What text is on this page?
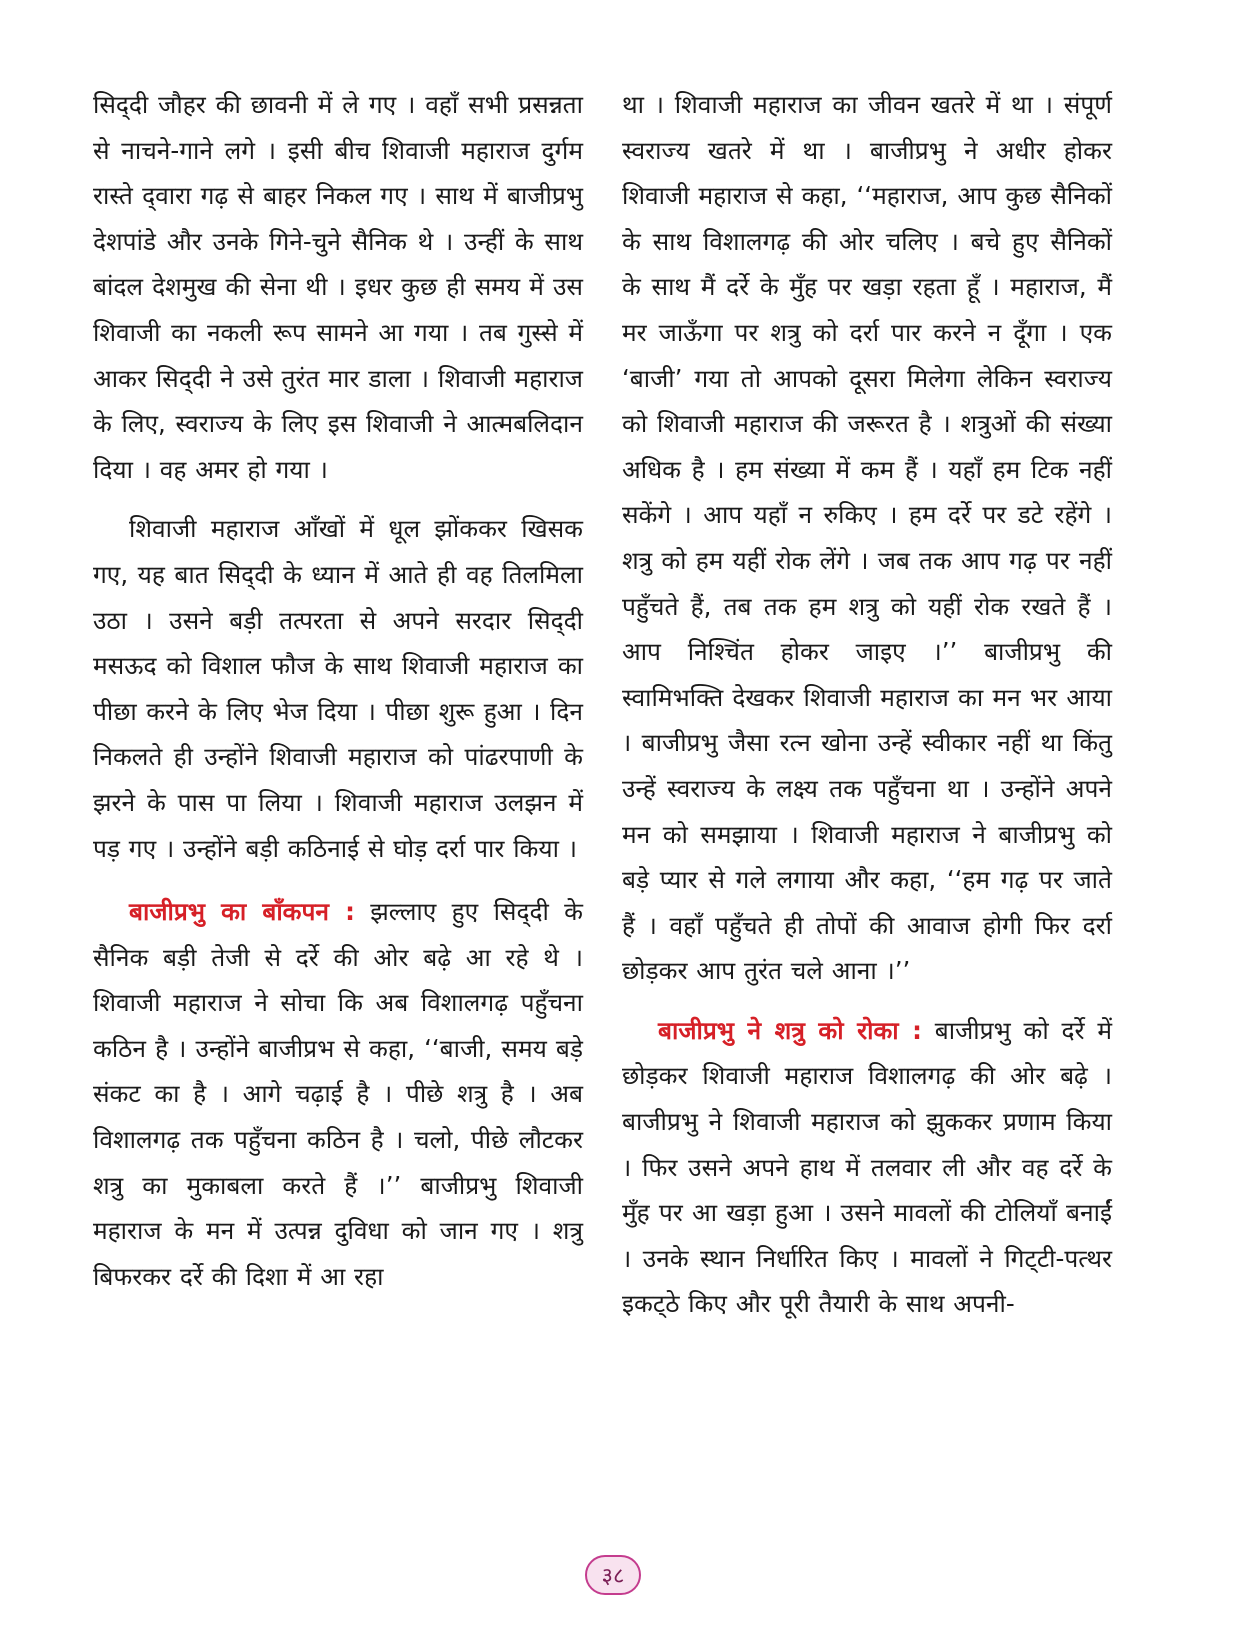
सिद्‌दी जौहर की छावनी में ले गए । वहाँ सभी प्रसन्नता से नाचने-गाने लगे । इसी बीच शिवाजी महाराज दुर्गम रास्ते द्‌वारा गढ़ से बाहर निकल गए । साथ में बाजीप्रभु देशपांडे और उनके गिने-चुने सैनिक थे । उन्हीं के साथ बांदल देशमुख की सेना थी । इधर कुछ ही समय में उस शिवाजी का नकली रूप सामने आ गया । तब गुस्से में आकर सिद्‌दी ने उसे तुरंत मार डाला । शिवाजी महाराज के लिए, स्वराज्य के लिए इस शिवाजी ने आत्मबलिदान दिया । वह अमर हो गया ।

शिवाजी महाराज आँखों में धूल झोंककर खिसक गए, यह बात सिद्‌दी के ध्यान में आते ही वह तिलमिला उठा । उसने बड़ी तत्परता से अपने सरदार सिद्‌दी मसऊद को विशाल फौज के साथ शिवाजी महाराज का पीछा करने के लिए भेज दिया । पीछा शुरू हुआ । दिन निकलते ही उन्होंने शिवाजी महाराज को पांढरपाणी के झरने के पास पा लिया । शिवाजी महाराज उलझन में पड़ गए । उन्होंने बड़ी कठिनाई से घोड़ दर्रा पार किया ।

बाजीप्रभु का बाँकपन : झल्लाए हुए सिद्‌दी के सैनिक बड़ी तेजी से दर्रे की ओर बढ़े आ रहे थे । शिवाजी महाराज ने सोचा कि अब विशालगढ़ पहुँचना कठिन है । उन्होंने बाजीप्रभ से कहा, ‘‘बाजी, समय बड़े संकट का है । आगे चढ़ाई है । पीछे शत्रु है । अब विशालगढ़ तक पहुँचना कठिन है । चलो, पीछे लौटकर शत्रु का मुकाबला करते हैं ।’’ बाजीप्रभु शिवाजी महाराज के मन में उत्पन्न दुविधा को जान गए । शत्रु बिफरकर दर्रे की दिशा में आ रहा

था । शिवाजी महाराज का जीवन खतरे में था । संपूर्ण स्वराज्य खतरे में था । बाजीप्रभु ने अधीर होकर शिवाजी महाराज से कहा, ‘‘महाराज, आप कुछ सैनिकों के साथ विशालगढ़ की ओर चलिए । बचे हुए सैनिकों के साथ मैं दर्रे के मुँह पर खड़ा रहता हूँ । महाराज, मैं मर जाऊँगा पर शत्रु को दर्रा पार करने न दूँगा । एक ‘बाजी’ गया तो आपको दूसरा मिलेगा लेकिन स्वराज्य को शिवाजी महाराज की जरूरत है । शत्रुओं की संख्या अधिक है । हम संख्या में कम हैं । यहाँ हम टिक नहीं सकेंगे । आप यहाँ न रुकिए । हम दर्रे पर डटे रहेंगे । शत्रु को हम यहीं रोक लेंगे । जब तक आप गढ़ पर नहीं पहुँचते हैं, तब तक हम शत्रु को यहीं रोक रखते हैं । आप निश्चिंत होकर जाइए ।’’ बाजीप्रभु की स्वामिभक्ति देखकर शिवाजी महाराज का मन भर आया । बाजीप्रभु जैसा रत्न खोना उन्हें स्वीकार नहीं था किंतु उन्हें स्वराज्य के लक्ष्य तक पहुँचना था । उन्होंने अपने मन को समझाया । शिवाजी महाराज ने बाजीप्रभु को बड़े प्यार से गले लगाया और कहा, ‘‘हम गढ़ पर जाते हैं । वहाँ पहुँचते ही तोपों की आवाज होगी फिर दर्रा छोड़कर आप तुरंत चले आना ।’’

बाजीप्रभु ने शत्रु को रोका : बाजीप्रभु को दर्रे में छोड़कर शिवाजी महाराज विशालगढ़ की ओर बढ़े । बाजीप्रभु ने शिवाजी महाराज को झुककर प्रणाम किया । फिर उसने अपने हाथ में तलवार ली और वह दर्रे के मुँह पर आ खड़ा हुआ । उसने मावलों की टोलियाँ बनाईं । उनके स्थान निर्धारित किए । मावलों ने गिट्‌टी-पत्थर इकट्‌ठे किए और पूरी तैयारी के साथ अपनी-

३८
